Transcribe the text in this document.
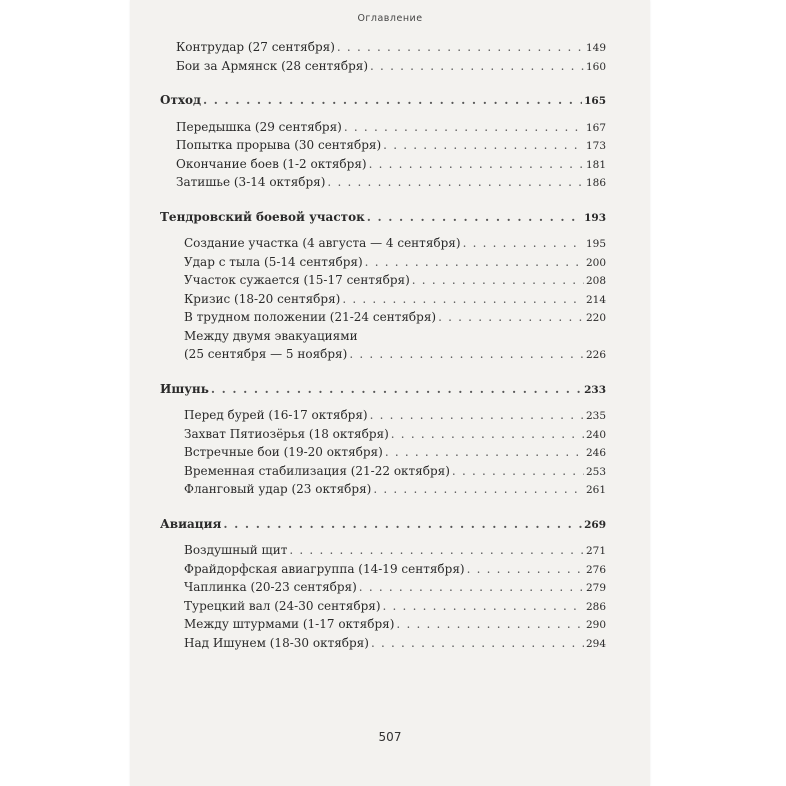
Оглавление
Контрудар (27 сентября) . . .	149
Бои за Армянск (28 сентября) . . .	160
Отход . . .	165
Передышка (29 сентября) . . .	167
Попытка прорыва (30 сентября) . . .	173
Окончание боев (1-2 октября) . . .	181
Затишье (3-14 октября) . . .	186
Тендровский боевой участок . . .	193
Создание участка (4 августа — 4 сентября) . . .	195
Удар с тыла (5-14 сентября) . . .	200
Участок сужается (15-17 сентября) . . .	208
Кризис (18-20 сентября) . . .	214
В трудном положении (21-24 сентября) . . .	220
Между двумя эвакуациями
(25 сентября — 5 ноября) . . .	226
Ишунь . . .	233
Перед бурей (16-17 октября) . . .	235
Захват Пятиозёрья (18 октября) . . .	240
Встречные бои (19-20 октября) . . .	246
Временная стабилизация (21-22 октября) . . .	253
Фланговый удар (23 октября) . . .	261
Авиация . . .	269
Воздушный щит . . .	271
Фрайдорфская авиагруппа (14-19 сентября) . . .	276
Чаплинка (20-23 сентября) . . .	279
Турецкий вал (24-30 сентября) . . .	286
Между штурмами (1-17 октября) . . .	290
Над Ишунем (18-30 октября) . . .	294
507
